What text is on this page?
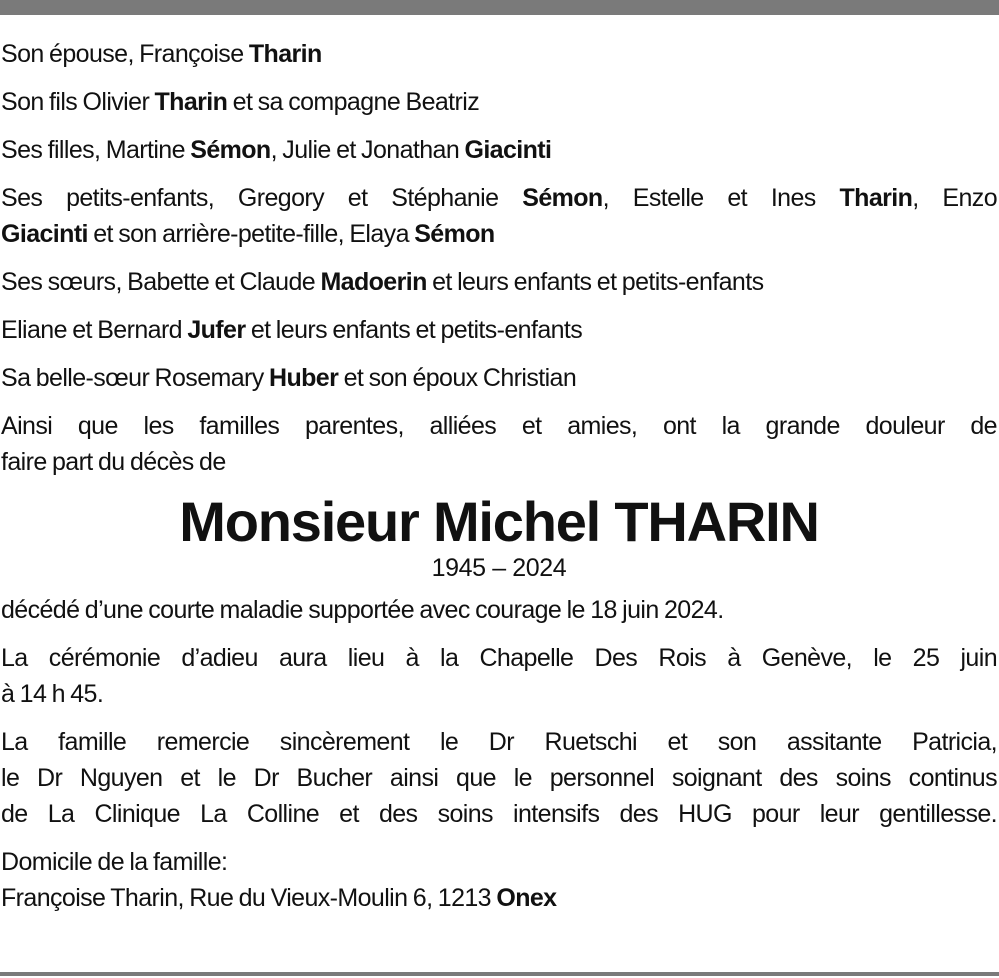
Son épouse, Françoise Tharin

Son fils Olivier Tharin et sa compagne Beatriz

Ses filles, Martine Sémon, Julie et Jonathan Giacinti

Ses petits-enfants, Gregory et Stéphanie Sémon, Estelle et Ines Tharin, Enzo
Giacinti et son arrière-petite-fille, Elaya Sémon

Ses sœurs, Babette et Claude Madoerin et leurs enfants et petits-enfants

Eliane et Bernard Jufer et leurs enfants et petits-enfants

Sa belle-sœur Rosemary Huber et son époux Christian

Ainsi que les familles parentes, alliées et amies, ont la grande douleur de
faire part du décès de

Monsieur Michel THARIN
1945 – 2024

décédé d’une courte maladie supportée avec courage le 18 juin 2024.

La cérémonie d’adieu aura lieu à la Chapelle Des Rois à Genève, le 25 juin
à 14 h 45.

La famille remercie sincèrement le Dr Ruetschi et son assitante Patricia,
le Dr Nguyen et le Dr Bucher ainsi que le personnel soignant des soins continus
de La Clinique La Colline et des soins intensifs des HUG pour leur gentillesse.

Domicile de la famille:
Françoise Tharin, Rue du Vieux-Moulin 6, 1213 Onex
